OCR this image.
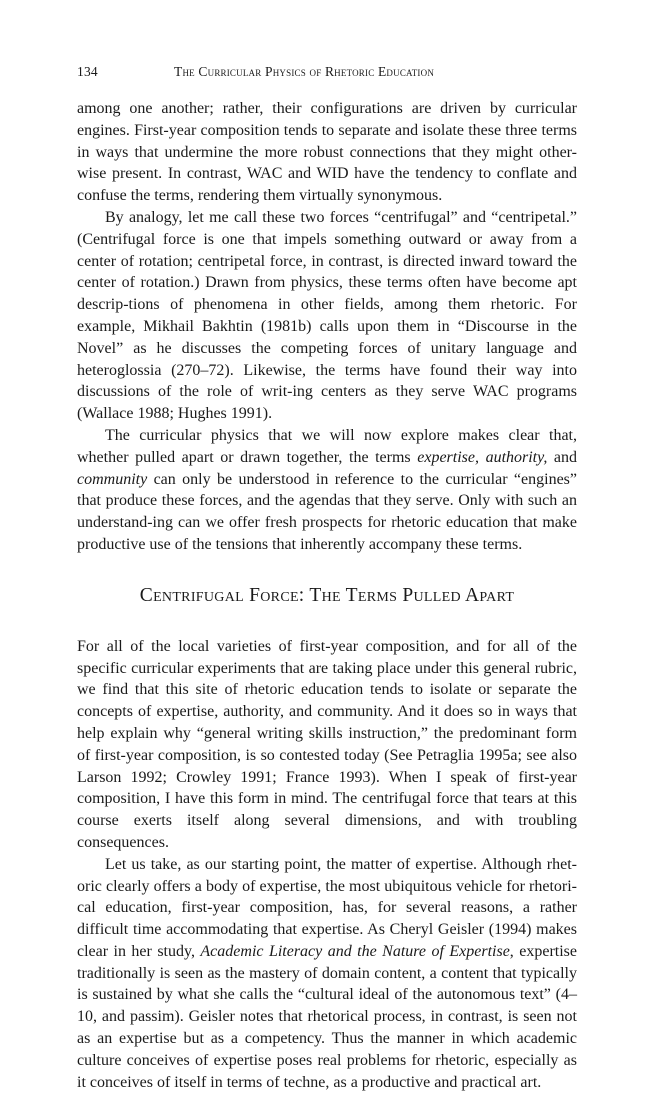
134	The Curricular Physics of Rhetoric Education

among one another; rather, their configurations are driven by curricular engines. First-year composition tends to separate and isolate these three terms in ways that undermine the more robust connections that they might other-wise present. In contrast, WAC and WID have the tendency to conflate and confuse the terms, rendering them virtually synonymous.

By analogy, let me call these two forces “centrifugal” and “centripetal.” (Centrifugal force is one that impels something outward or away from a center of rotation; centripetal force, in contrast, is directed inward toward the center of rotation.) Drawn from physics, these terms often have become apt descrip-tions of phenomena in other fields, among them rhetoric. For example, Mikhail Bakhtin (1981b) calls upon them in “Discourse in the Novel” as he discusses the competing forces of unitary language and heteroglossia (270–72). Likewise, the terms have found their way into discussions of the role of writ-ing centers as they serve WAC programs (Wallace 1988; Hughes 1991).

The curricular physics that we will now explore makes clear that, whether pulled apart or drawn together, the terms expertise, authority, and community can only be understood in reference to the curricular “engines” that produce these forces, and the agendas that they serve. Only with such an understand-ing can we offer fresh prospects for rhetoric education that make productive use of the tensions that inherently accompany these terms.

Centrifugal Force: The Terms Pulled Apart

For all of the local varieties of first-year composition, and for all of the specific curricular experiments that are taking place under this general rubric, we find that this site of rhetoric education tends to isolate or separate the concepts of expertise, authority, and community. And it does so in ways that help explain why “general writing skills instruction,” the predominant form of first-year composition, is so contested today (See Petraglia 1995a; see also Larson 1992; Crowley 1991; France 1993). When I speak of first-year composition, I have this form in mind. The centrifugal force that tears at this course exerts itself along several dimensions, and with troubling consequences.

Let us take, as our starting point, the matter of expertise. Although rhet-oric clearly offers a body of expertise, the most ubiquitous vehicle for rhetori-cal education, first-year composition, has, for several reasons, a rather difficult time accommodating that expertise. As Cheryl Geisler (1994) makes clear in her study, Academic Literacy and the Nature of Expertise, expertise traditionally is seen as the mastery of domain content, a content that typically is sustained by what she calls the “cultural ideal of the autonomous text” (4–10, and passim). Geisler notes that rhetorical process, in contrast, is seen not as an expertise but as a competency. Thus the manner in which academic culture conceives of expertise poses real problems for rhetoric, especially as it conceives of itself in terms of techne, as a productive and practical art.
